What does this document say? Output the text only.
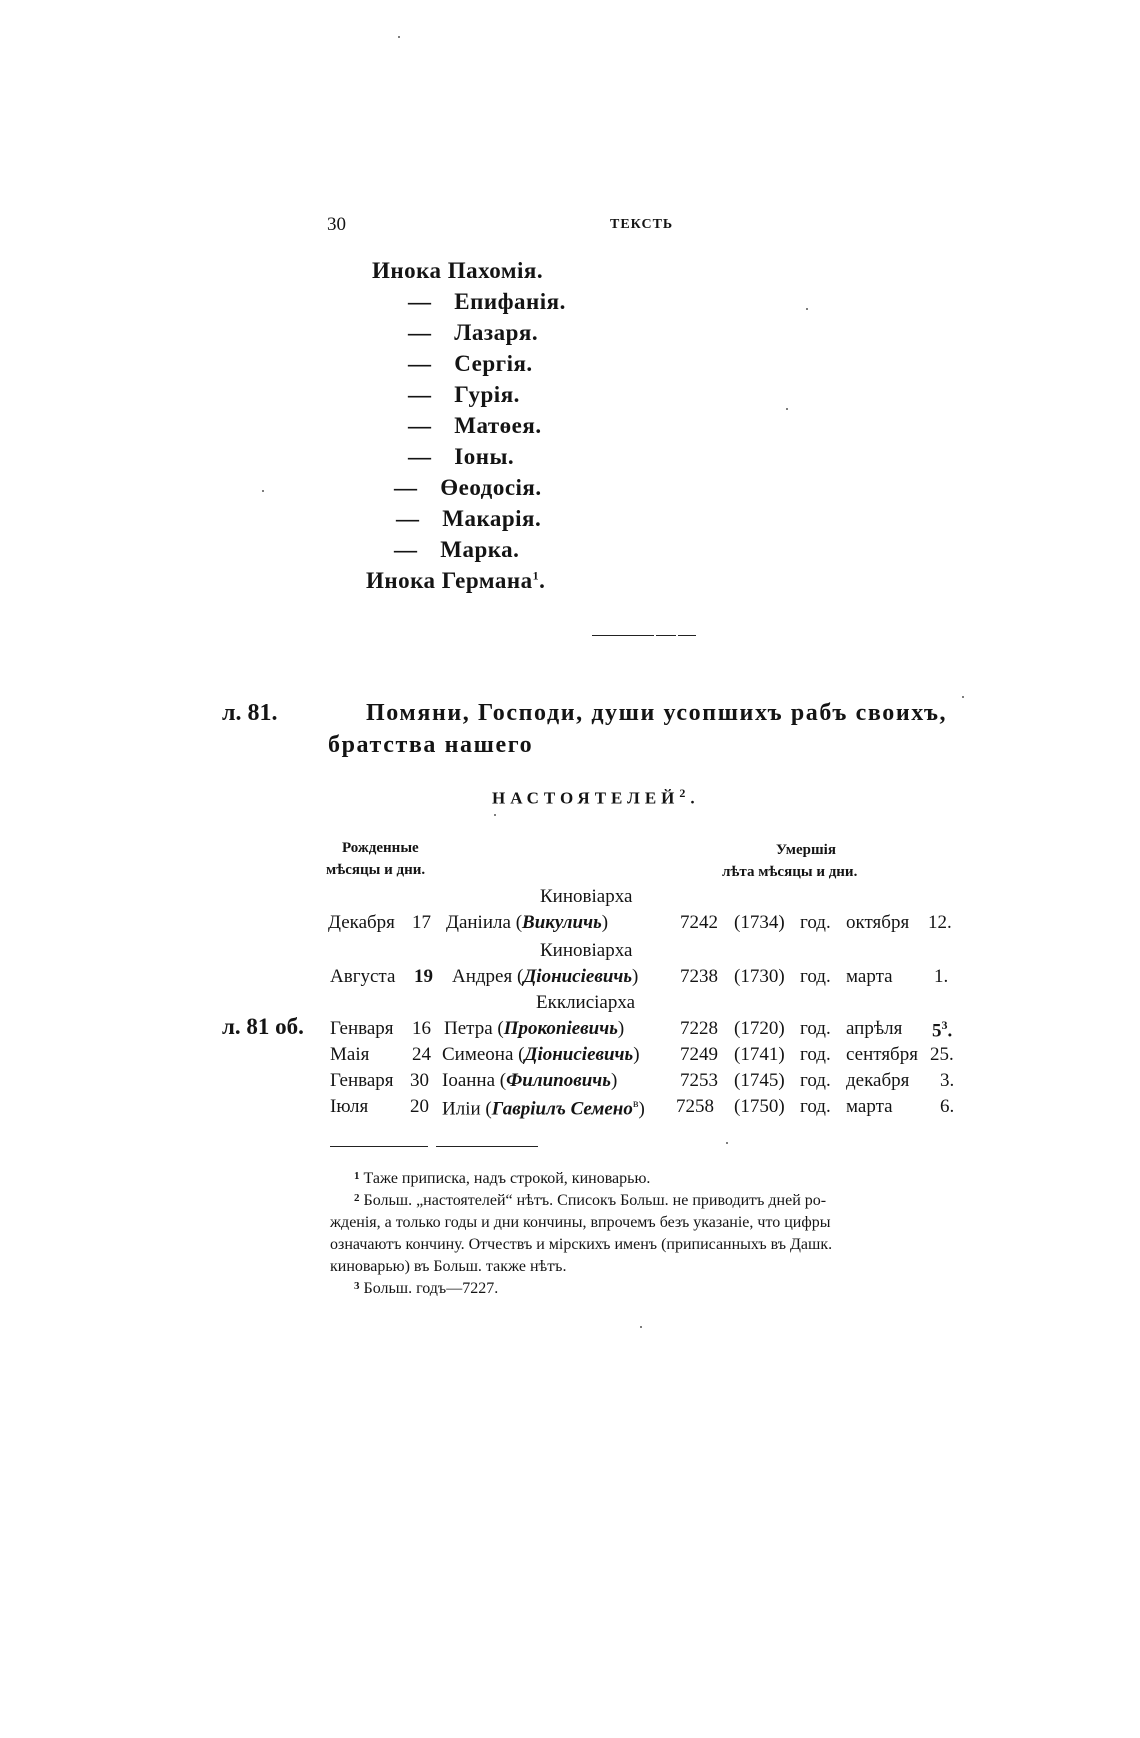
30	ТЕКСТЬ
Инока Пахомія.
— Епифанія.
— Лазаря.
— Сергія.
— Гурія.
— Матөея.
— Іоны.
— Өеодосія.
— Макарія.
— Марка.
Инока Германа$^1$.
л. 81.	Помяни, Господи, души усопшихъ рабъ своихъ,
братства нашего
НАСТОЯТЕЛЕЙ$^2$.
Рожденные
мѣсяцы и дни.
Умершія
лѣта мѣсяцы и дни.
Киновіарха
Киновіарха
Екклисіарха
л. 81 об.
Декабря 17 Даніила (Викуличь)	7242 (1734) год. октября 12.
Августа 19 Андрея (Діонисіевичь) 7238 (1730) год. марта 1.
Генваря 16 Петра (Прокопіевичь)	7228 (1720) год. апрѣля $5^3$.
Маія 24 Симеона (Діонисіевичь) 7249 (1741) год. сентября 25.
Генваря 30 Іоанна (Филиповичь)	7253 (1745) год. декабря 3.
Іюля 20 Иліи (Гавріилъ Семено$^в$) 7258 (1750) год. марта 6.
$^1$ Таже приписка, надъ строкой, киноварью.
$^2$ Больш. „настоятелей“ нѣтъ. Списокъ Больш. не приводитъ дней ро-
жденія, а только годы и дни кончины, впрочемъ безъ указаніе, что цифры
означаютъ кончину. Отчествъ и мірскихъ именъ (приписанныхъ въ Дашк.
киноварью) въ Больш. также нѣтъ.
$^3$ Больш. годъ—7227.
